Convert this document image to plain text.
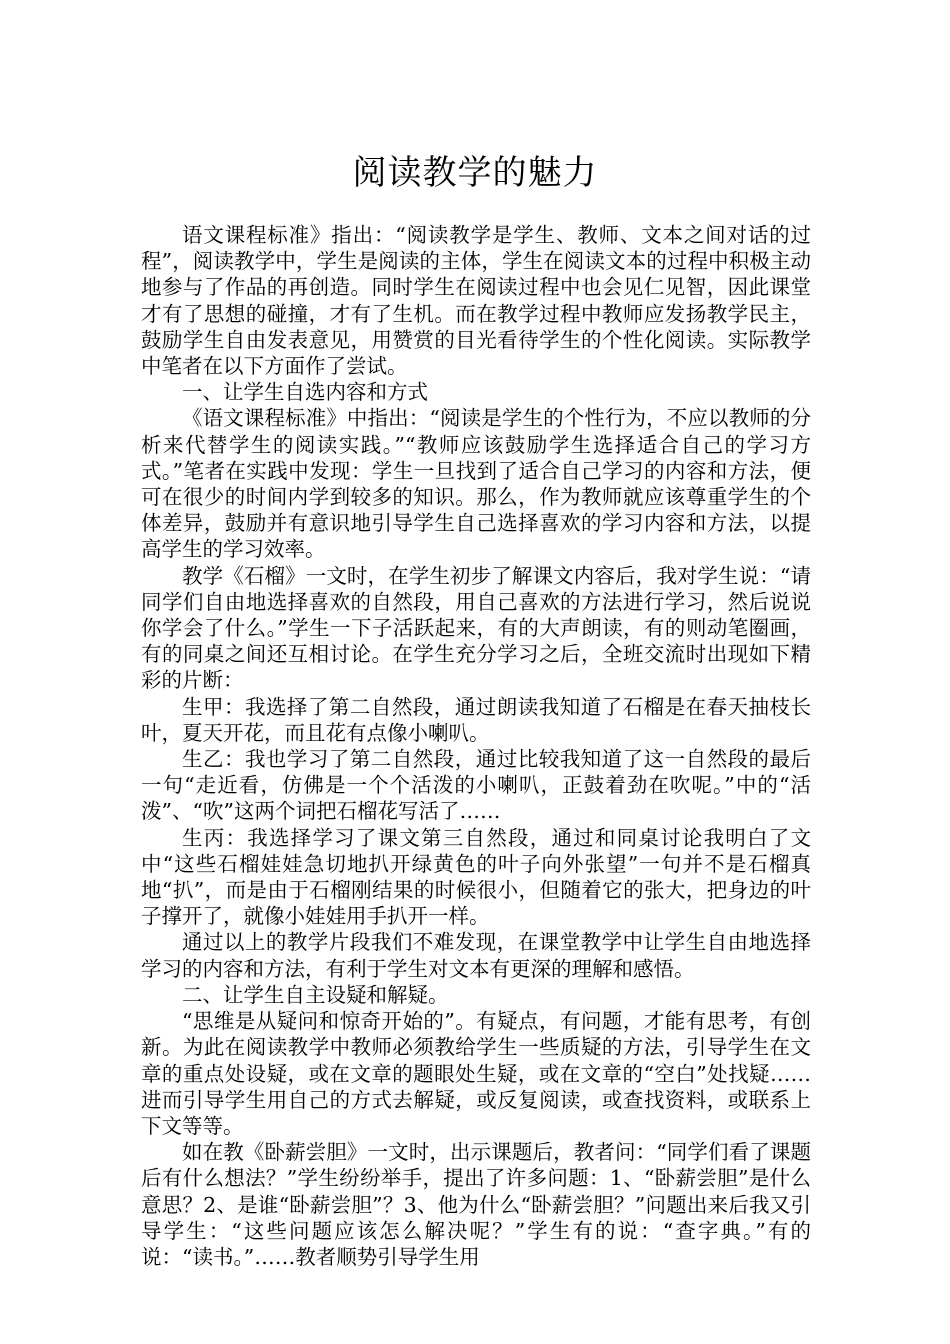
阅读教学的魅力

语文课程标准》指出：“阅读教学是学生、教师、文本之间对话的过程”，阅读教学中，学生是阅读的主体，学生在阅读文本的过程中积极主动地参与了作品的再创造。同时学生在阅读过程中也会见仁见智，因此课堂才有了思想的碰撞，才有了生机。而在教学过程中教师应发扬教学民主，鼓励学生自由发表意见，用赞赏的目光看待学生的个性化阅读。实际教学中笔者在以下方面作了尝试。

一、让学生自选内容和方式

《语文课程标准》中指出：“阅读是学生的个性行为，不应以教师的分析来代替学生的阅读实践。”“教师应该鼓励学生选择适合自己的学习方式。”笔者在实践中发现：学生一旦找到了适合自己学习的内容和方法，便可在很少的时间内学到较多的知识。那么，作为教师就应该尊重学生的个体差异，鼓励并有意识地引导学生自己选择喜欢的学习内容和方法，以提高学生的学习效率。

教学《石榴》一文时，在学生初步了解课文内容后，我对学生说：“请同学们自由地选择喜欢的自然段，用自己喜欢的方法进行学习，然后说说你学会了什么。”学生一下子活跃起来，有的大声朗读，有的则动笔圈画，有的同桌之间还互相讨论。在学生充分学习之后，全班交流时出现如下精彩的片断：

生甲：我选择了第二自然段，通过朗读我知道了石榴是在春天抽枝长叶，夏天开花，而且花有点像小喇叭。

生乙：我也学习了第二自然段，通过比较我知道了这一自然段的最后一句“走近看，仿佛是一个个活泼的小喇叭，正鼓着劲在吹呢。”中的“活泼”、“吹”这两个词把石榴花写活了……

生丙：我选择学习了课文第三自然段，通过和同桌讨论我明白了文中“这些石榴娃娃急切地扒开绿黄色的叶子向外张望”一句并不是石榴真地“扒”，而是由于石榴刚结果的时候很小，但随着它的张大，把身边的叶子撑开了，就像小娃娃用手扒开一样。

通过以上的教学片段我们不难发现，在课堂教学中让学生自由地选择学习的内容和方法，有利于学生对文本有更深的理解和感悟。

二、让学生自主设疑和解疑。

“思维是从疑问和惊奇开始的”。有疑点，有问题，才能有思考，有创新。为此在阅读教学中教师必须教给学生一些质疑的方法，引导学生在文章的重点处设疑，或在文章的题眼处生疑，或在文章的“空白”处找疑……进而引导学生用自己的方式去解疑，或反复阅读，或查找资料，或联系上下文等等。

如在教《卧薪尝胆》一文时，出示课题后，教者问：“同学们看了课题后有什么想法？”学生纷纷举手，提出了许多问题：1、“卧薪尝胆”是什么意思？2、是谁“卧薪尝胆”？3、他为什么“卧薪尝胆？”问题出来后我又引导学生：“这些问题应该怎么解决呢？”学生有的说：“查字典。”有的说：“读书。”……教者顺势引导学生用
